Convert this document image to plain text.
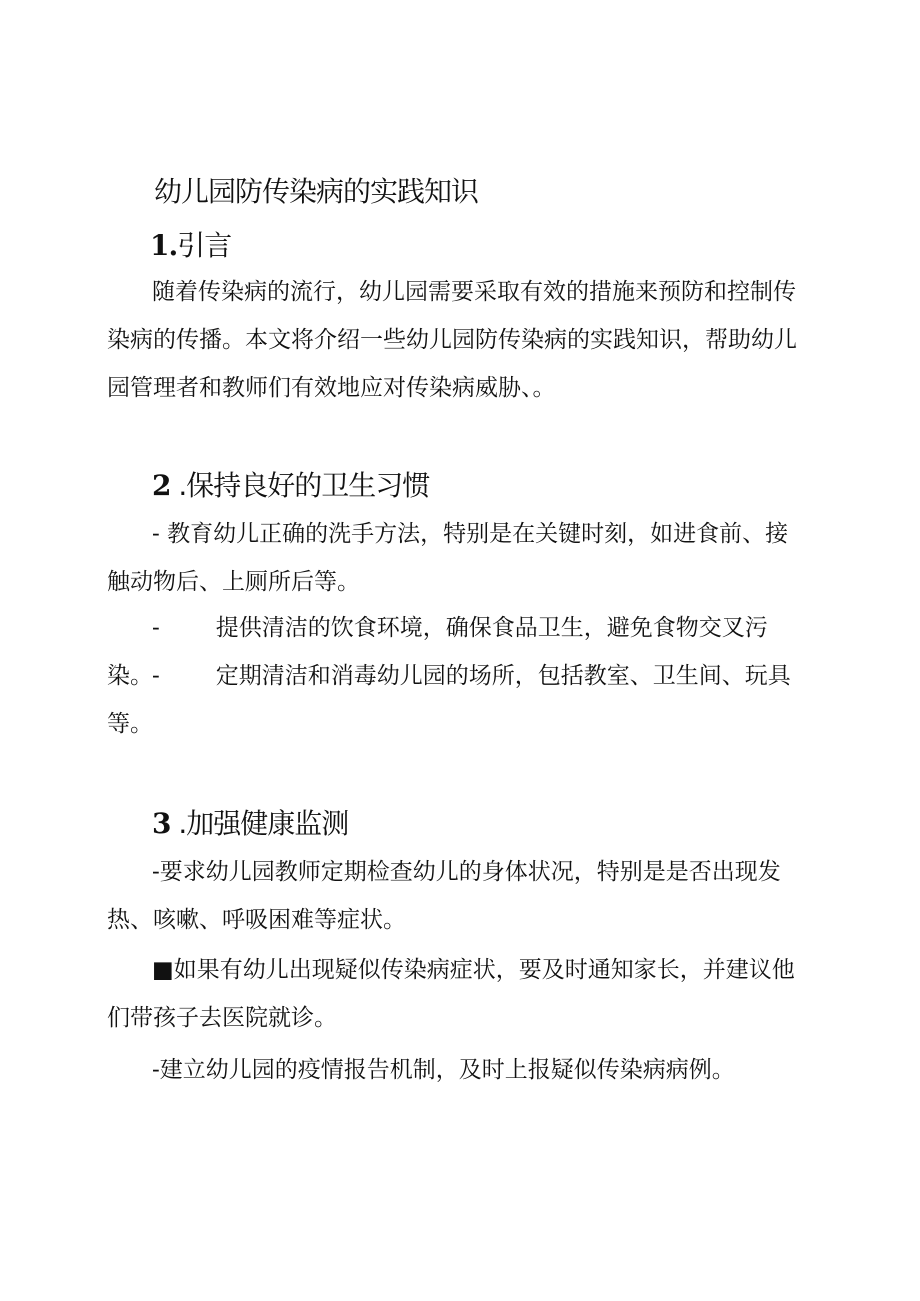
幼儿园防传染病的实践知识
1.引言

随着传染病的流行，幼儿园需要采取有效的措施来预防和控制传染病的传播。本文将介绍一些幼儿园防传染病的实践知识，帮助幼儿园管理者和教师们有效地应对传染病威胁、。

2 .保持良好的卫生习惯

- 教育幼儿正确的洗手方法，特别是在关键时刻，如进食前、接触动物后、上厕所后等。

- 提供清洁的饮食环境，确保食品卫生，避免食物交叉污染。 - 定期清洁和消毒幼儿园的场所，包括教室、卫生间、玩具等。

3 .加强健康监测

-要求幼儿园教师定期检查幼儿的身体状况，特别是是否出现发热、咳嗽、呼吸困难等症状。

■如果有幼儿出现疑似传染病症状，要及时通知家长，并建议他们带孩子去医院就诊。

-建立幼儿园的疫情报告机制，及时上报疑似传染病病例。
